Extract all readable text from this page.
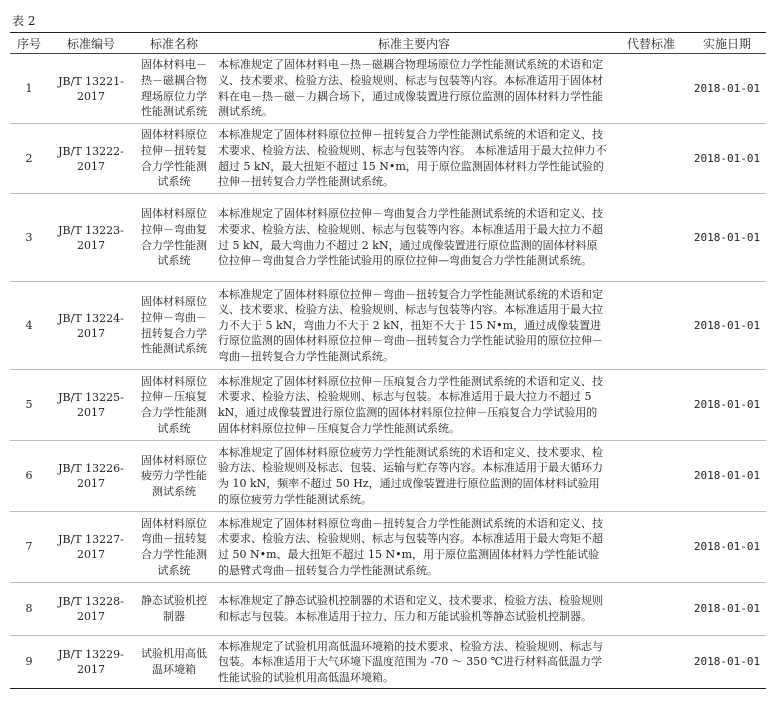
表 2
序号	标准编号	标准名称	标准主要内容	代替标准	实施日期
1	JB/T 13221-2017	固体材料电－热－磁耦合物理场原位力学性能测试系统	本标准规定了固体材料电－热－磁耦合物理场原位力学性能测试系统的术语和定义、技术要求、检验方法、检验规则、标志与包装等内容。本标准适用于固体材料在电－热－磁－力耦合场下，通过成像装置进行原位监测的固体材料力学性能测试系统。		2018-01-01
2	JB/T 13222-2017	固体材料原位拉伸－扭转复合力学性能测试系统	本标准规定了固体材料原位拉伸－扭转复合力学性能测试系统的术语和定义、技术要求、检验方法、检验规则、标志与包装等内容。 本标准适用于最大拉伸力不超过 5 kN，最大扭矩不超过 15 N•m，用于原位监测固体材料力学性能试验的拉伸－扭转复合力学性能测试系统。		2018-01-01
3	JB/T 13223-2017	固体材料原位拉伸－弯曲复合力学性能测试系统	本标准规定了固体材料原位拉伸－弯曲复合力学性能测试系统的术语和定义、技术要求、检验方法、检验规则、标志与包装等内容。本标准适用于最大拉力不超过 5 kN，最大弯曲力不超过 2 kN，通过成像装置进行原位监测的固体材料原位拉伸－弯曲复合力学性能试验用的原位拉伸—弯曲复合力学性能测试系统。		2018-01-01
4	JB/T 13224-2017	固体材料原位拉伸－弯曲－扭转复合力学性能测试系统	本标准规定了固体材料原位拉伸－弯曲－扭转复合力学性能测试系统的术语和定义、技术要求、检验方法、检验规则、标志与包装等内容。本标准适用于最大拉力不大于 5 kN，弯曲力不大于 2 kN，扭矩不大于 15 N•m，通过成像装置进行原位监测的固体材料原位拉伸－弯曲－扭转复合力学性能试验用的原位拉伸－弯曲－扭转复合力学性能测试系统。		2018-01-01
5	JB/T 13225-2017	固体材料原位拉伸－压痕复合力学性能测试系统	本标准规定了固体材料原位拉伸－压痕复合力学性能测试系统的术语和定义、技术要求、检验方法、检验规则、标志与包装。本标准适用于最大拉力不超过 5 kN，通过成像装置进行原位监测的固体材料原位拉伸－压痕复合力学试验用的固体材料原位拉伸－压痕复合力学性能测试系统。		2018-01-01
6	JB/T 13226-2017	固体材料原位疲劳力学性能测试系统	本标准规定了固体材料原位疲劳力学性能测试系统的术语和定义、技术要求、检验方法、检验规则及标志、包装、运输与贮存等内容。本标准适用于最大循环力为 10 kN，频率不超过 50 Hz，通过成像装置进行原位监测的固体材料试验用的原位疲劳力学性能测试系统。		2018-01-01
7	JB/T 13227-2017	固体材料原位弯曲－扭转复合力学性能测试系统	本标准规定了固体材料原位弯曲－扭转复合力学性能测试系统的术语和定义、技术要求、检验方法、检验规则、标志与包装等内容。本标准适用于最大弯矩不超过 50 N•m、最大扭矩不超过 15 N•m，用于原位监测固体材料力学性能试验的悬臂式弯曲－扭转复合力学性能测试系统。		2018-01-01
8	JB/T 13228-2017	静态试验机控制器	本标准规定了静态试验机控制器的术语和定义、技术要求、检验方法、检验规则和标志与包装。本标准适用于拉力、压力和万能试验机等静态试验机控制器。		2018-01-01
9	JB/T 13229-2017	试验机用高低温环境箱	本标准规定了试验机用高低温环境箱的技术要求、检验方法、检验规则、标志与包装。本标准适用于大气环境下温度范围为 -70 ～ 350 ℃进行材料高低温力学性能试验的试验机用高低温环境箱。		2018-01-01
